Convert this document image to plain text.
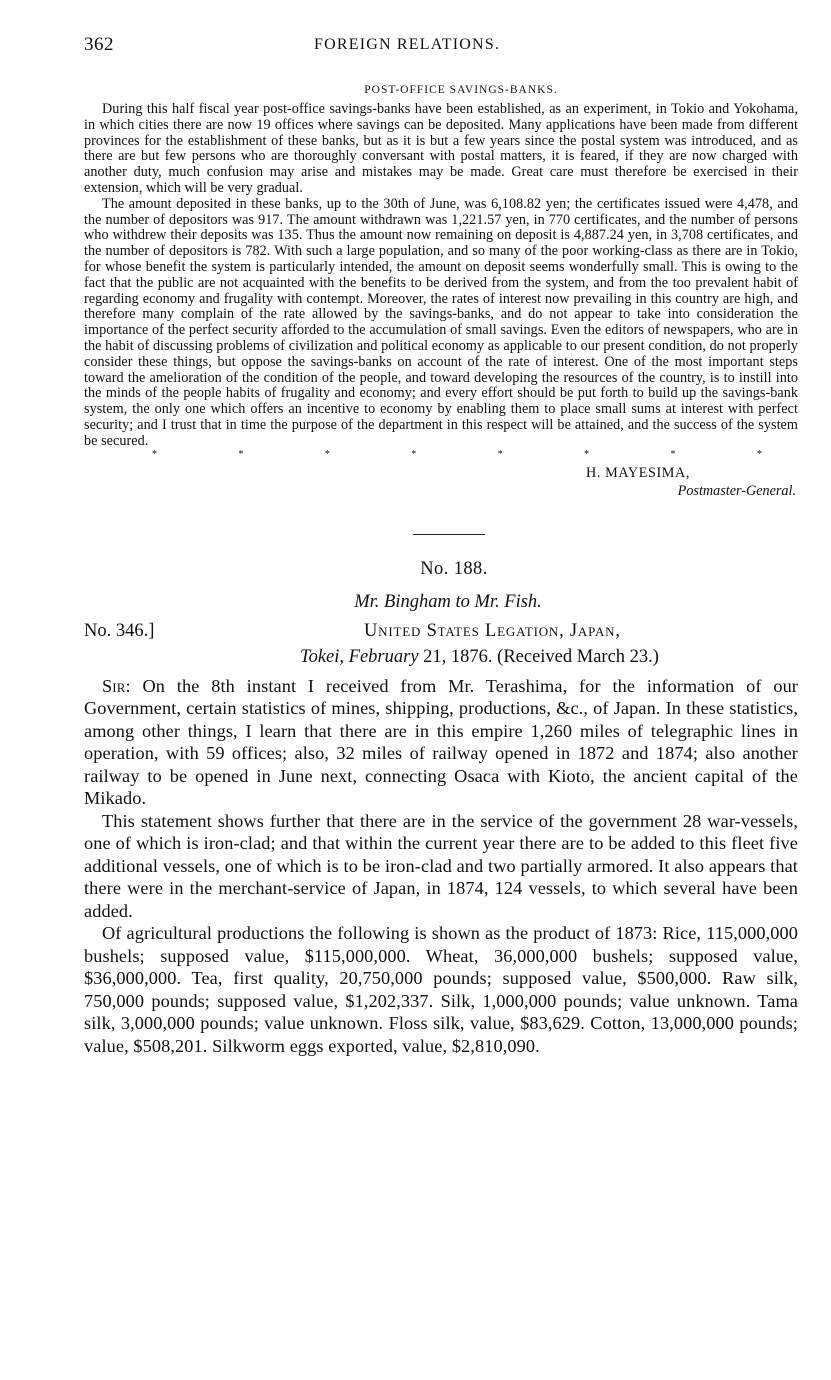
362	FOREIGN RELATIONS.
POST-OFFICE SAVINGS-BANKS.

During this half fiscal year post-office savings-banks have been established, as an experiment, in Tokio and Yokohama, in which cities there are now 19 offices where savings can be deposited. Many applications have been made from different provinces for the establishment of these banks, but as it is but a few years since the postal system was introduced, and as there are but few persons who are thoroughly conversant with postal matters, it is feared, if they are now charged with another duty, much confusion may arise and mistakes may be made. Great care must therefore be exercised in their extension, which will be very gradual.

The amount deposited in these banks, up to the 30th of June, was 6,108.82 yen; the certificates issued were 4,478, and the number of depositors was 917. The amount withdrawn was 1,221.57 yen, in 770 certificates, and the number of persons who withdrew their deposits was 135. Thus the amount now remaining on deposit is 4,887.24 yen, in 3,708 certificates, and the number of depositors is 782. With such a large population, and so many of the poor working-class as there are in Tokio, for whose benefit the system is particularly intended, the amount on deposit seems wonderfully small. This is owing to the fact that the public are not acquainted with the benefits to be derived from the system, and from the too prevalent habit of regarding economy and frugality with contempt. Moreover, the rates of interest now prevailing in this country are high, and therefore many complain of the rate allowed by the savings-banks, and do not appear to take into consideration the importance of the perfect security afforded to the accumulation of small savings. Even the editors of newspapers, who are in the habit of discussing problems of civilization and political economy as applicable to our present condition, do not properly consider these things, but oppose the savings-banks on account of the rate of interest. One of the most important steps toward the amelioration of the condition of the people, and toward developing the resources of the country, is to instill into the minds of the people habits of frugality and economy; and every effort should be put forth to build up the savings-bank system, the only one which offers an incentive to economy by enabling them to place small sums at interest with perfect security; and I trust that in time the purpose of the department in this respect will be attained, and the success of the system be secured.

*	*	*	*	*	*	*	*
H. MAYESIMA,
Postmaster-General.
No. 188.
Mr. Bingham to Mr. Fish.
No. 346.]	United States Legation, Japan,
Tokei, February 21, 1876. (Received March 23.)

Sir: On the 8th instant I received from Mr. Terashima, for the information of our Government, certain statistics of mines, shipping, productions, &c., of Japan. In these statistics, among other things, I learn that there are in this empire 1,260 miles of telegraphic lines in operation, with 59 offices; also, 32 miles of railway opened in 1872 and 1874; also another railway to be opened in June next, connecting Osaca with Kioto, the ancient capital of the Mikado.

This statement shows further that there are in the service of the government 28 war-vessels, one of which is iron-clad; and that within the current year there are to be added to this fleet five additional vessels, one of which is to be iron-clad and two partially armored. It also appears that there were in the merchant-service of Japan, in 1874, 124 vessels, to which several have been added.

Of agricultural productions the following is shown as the product of 1873: Rice, 115,000,000 bushels; supposed value, $115,000,000. Wheat, 36,000,000 bushels; supposed value, $36,000,000. Tea, first quality, 20,750,000 pounds; supposed value, $500,000. Raw silk, 750,000 pounds; supposed value, $1,202,337. Silk, 1,000,000 pounds; value unknown. Tama silk, 3,000,000 pounds; value unknown. Floss silk, value, $83,629. Cotton, 13,000,000 pounds; value, $508,201. Silkworm eggs exported, value, $2,810,090.
